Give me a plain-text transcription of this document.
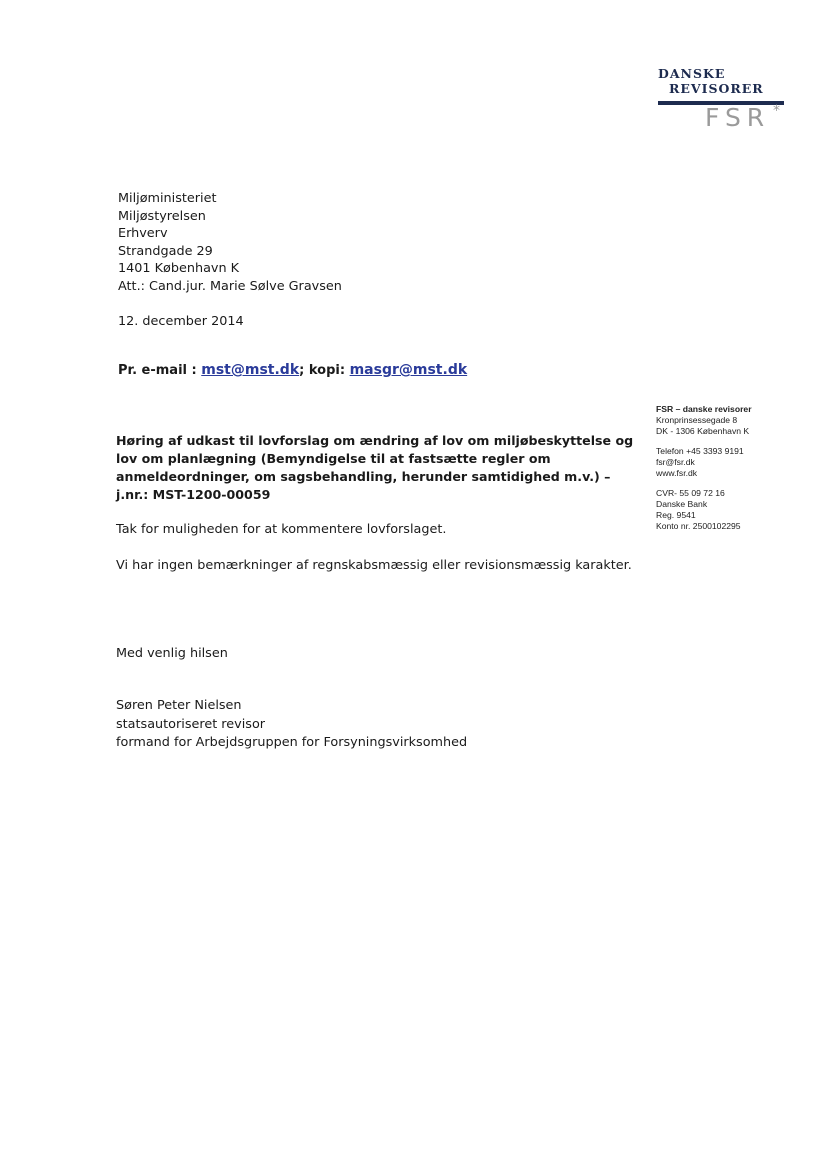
DANSKE
REVISORER
FSR *
Miljøministeriet
Miljøstyrelsen
Erhverv
Strandgade 29
1401 København K
Att.: Cand.jur. Marie Sølve Gravsen
12. december 2014
Pr. e-mail : mst@mst.dk; kopi: masgr@mst.dk
FSR – danske revisorer
Kronprinsessegade 8
DK - 1306 København K
Telefon +45 3393 9191
fsr@fsr.dk
www.fsr.dk
CVR- 55 09 72 16
Danske Bank
Reg. 9541
Konto nr. 2500102295
Høring af udkast til lovforslag om ændring af lov om miljøbeskyttelse og
lov om planlægning (Bemyndigelse til at fastsætte regler om
anmeldeordninger, om sagsbehandling, herunder samtidighed m.v.) –
j.nr.: MST-1200-00059
Tak for muligheden for at kommentere lovforslaget.
Vi har ingen bemærkninger af regnskabsmæssig eller revisionsmæssig karakter.
Med venlig hilsen
Søren Peter Nielsen
statsautoriseret revisor
formand for Arbejdsgruppen for Forsyningsvirksomhed
